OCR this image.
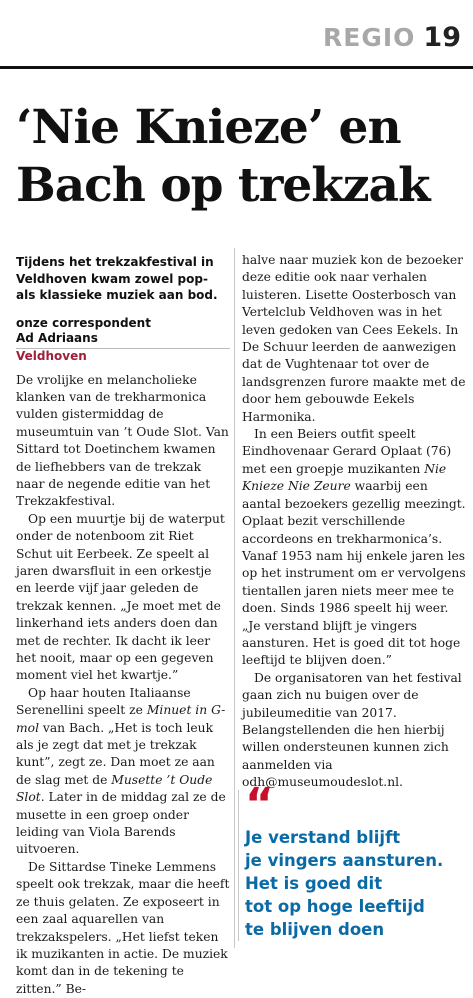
REGIO 19
‘Nie Knieze’ en
Bach op trekzak

Tijdens het trekzakfestival in Veldhoven kwam zowel pop- als klassieke muziek aan bod.

onze correspondent
Ad Adriaans
Veldhoven

De vrolijke en melancholieke klanken van de trekharmonica vulden gistermiddag de museumtuin van ’t Oude Slot. Van Sittard tot Doetinchem kwamen de liefhebbers van de trekzak naar de negende editie van het Trekzakfestival.

Op een muurtje bij de waterput onder de notenboom zit Riet Schut uit Eerbeek. Ze speelt al jaren dwarsfluit in een orkestje en leerde vijf jaar geleden de trekzak kennen. „Je moet met de linkerhand iets anders doen dan met de rechter. Ik dacht ik leer het nooit, maar op een gegeven moment viel het kwartje.”

Op haar houten Italiaanse Serenellini speelt ze Minuet in G-mol van Bach. „Het is toch leuk als je zegt dat met je trekzak kunt”, zegt ze. Dan moet ze aan de slag met de Musette ’t Oude Slot. Later in de middag zal ze de musette in een groep onder leiding van Viola Barends uitvoeren.

De Sittardse Tineke Lemmens speelt ook trekzak, maar die heeft ze thuis gelaten. Ze exposeert in een zaal aquarellen van trekzakspelers. „Het liefst teken ik muzikanten in actie. De muziek komt dan in de tekening te zitten.” Be-

halve naar muziek kon de bezoeker deze editie ook naar verhalen luisteren. Lisette Oosterbosch van Vertelclub Veldhoven was in het leven gedoken van Cees Eekels. In De Schuur leerden de aanwezigen dat de Vughtenaar tot over de landsgrenzen furore maakte met de door hem gebouwde Eekels Harmonika.

In een Beiers outfit speelt Eindhovenaar Gerard Oplaat (76) met een groepje muzikanten Nie Knieze Nie Zeure waarbij een aantal bezoekers gezellig meezingt. Oplaat bezit verschillende accordeons en trekharmonica’s. Vanaf 1953 nam hij enkele jaren les op het instrument om er vervolgens tientallen jaren niets meer mee te doen. Sinds 1986 speelt hij weer. „Je verstand blijft je vingers aansturen. Het is goed dit tot hoge leeftijd te blijven doen.”

De organisatoren van het festival gaan zich nu buigen over de jubileumeditie van 2017. Belangstellenden die hen hierbij willen ondersteunen kunnen zich aanmelden via odh@museumoudeslot.nl.

“
Je verstand blijft
je vingers aansturen.
Het is goed dit
tot op hoge leeftijd
te blijven doen
